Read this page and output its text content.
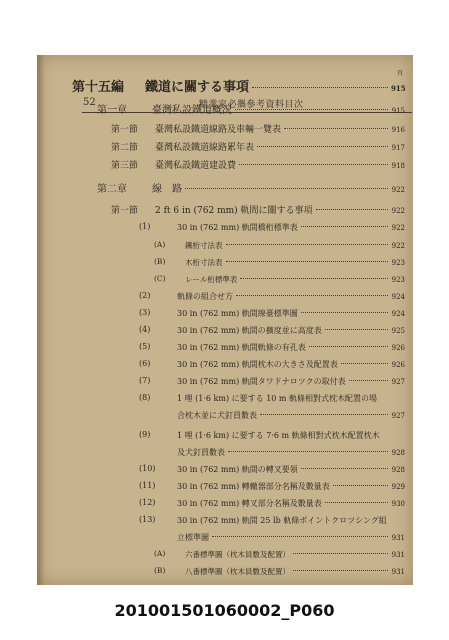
52	糖業家必攜參考資料目次
第十五編 鐵道に關する事項	915
頁
第一章	臺灣私設鐵道概況	915
第一節 臺灣私設鐵道線路及車輛一覽表	916
第二節 臺灣私設鐵道線路累年表	917
第三節 臺灣私設鐵道建設費	918
第二章	線　路	922
第一節 2 ft 6 in (762 mm) 軌間に關する事項	922
(1)	30 in (762 mm) 軌間橋桁標準表	922
(A)	鐵桁寸法表	922
(B)	木桁寸法表	923
(C)	レール桁標準表	923
(2)	軌條の組合せ方	924
(3)	30 in (762 mm) 軌間線臺標準圖	924
(4)	30 in (762 mm) 軌間の擴度並に高度表	925
(5)	30 in (762 mm) 軌間軌條の有孔表	926
(6)	30 in (762 mm) 軌間枕木の大きさ及配置表	926
(7)	30 in (762 mm) 軌間タワドナロツクの取付表	927
(8)	1 哩 (1·6 km) に要する 10 m 軌條相對式枕木配置の場
合枕木並に犬釘員數表	927
(9)	1 哩 (1·6 km) に要する 7·6 m 軌條相對式枕木配置枕木
及犬釘員數表	928
(10)	30 in (762 mm) 軌間の轉叉要領	928
(11)	30 in (762 mm) 轉轍器部分名稱及數量表	929
(12)	30 in (762 mm) 轉叉部分名稱及數量表	930
(13)	30 in (762 mm) 軌間 25 lb 軌條ポイントクロツシング組
立標準圖	931
(A)	六番標準圖（枕木員數及配置）	931
(B)	八番標準圖（枕木員數及配置）	931
201001501060002_P060
